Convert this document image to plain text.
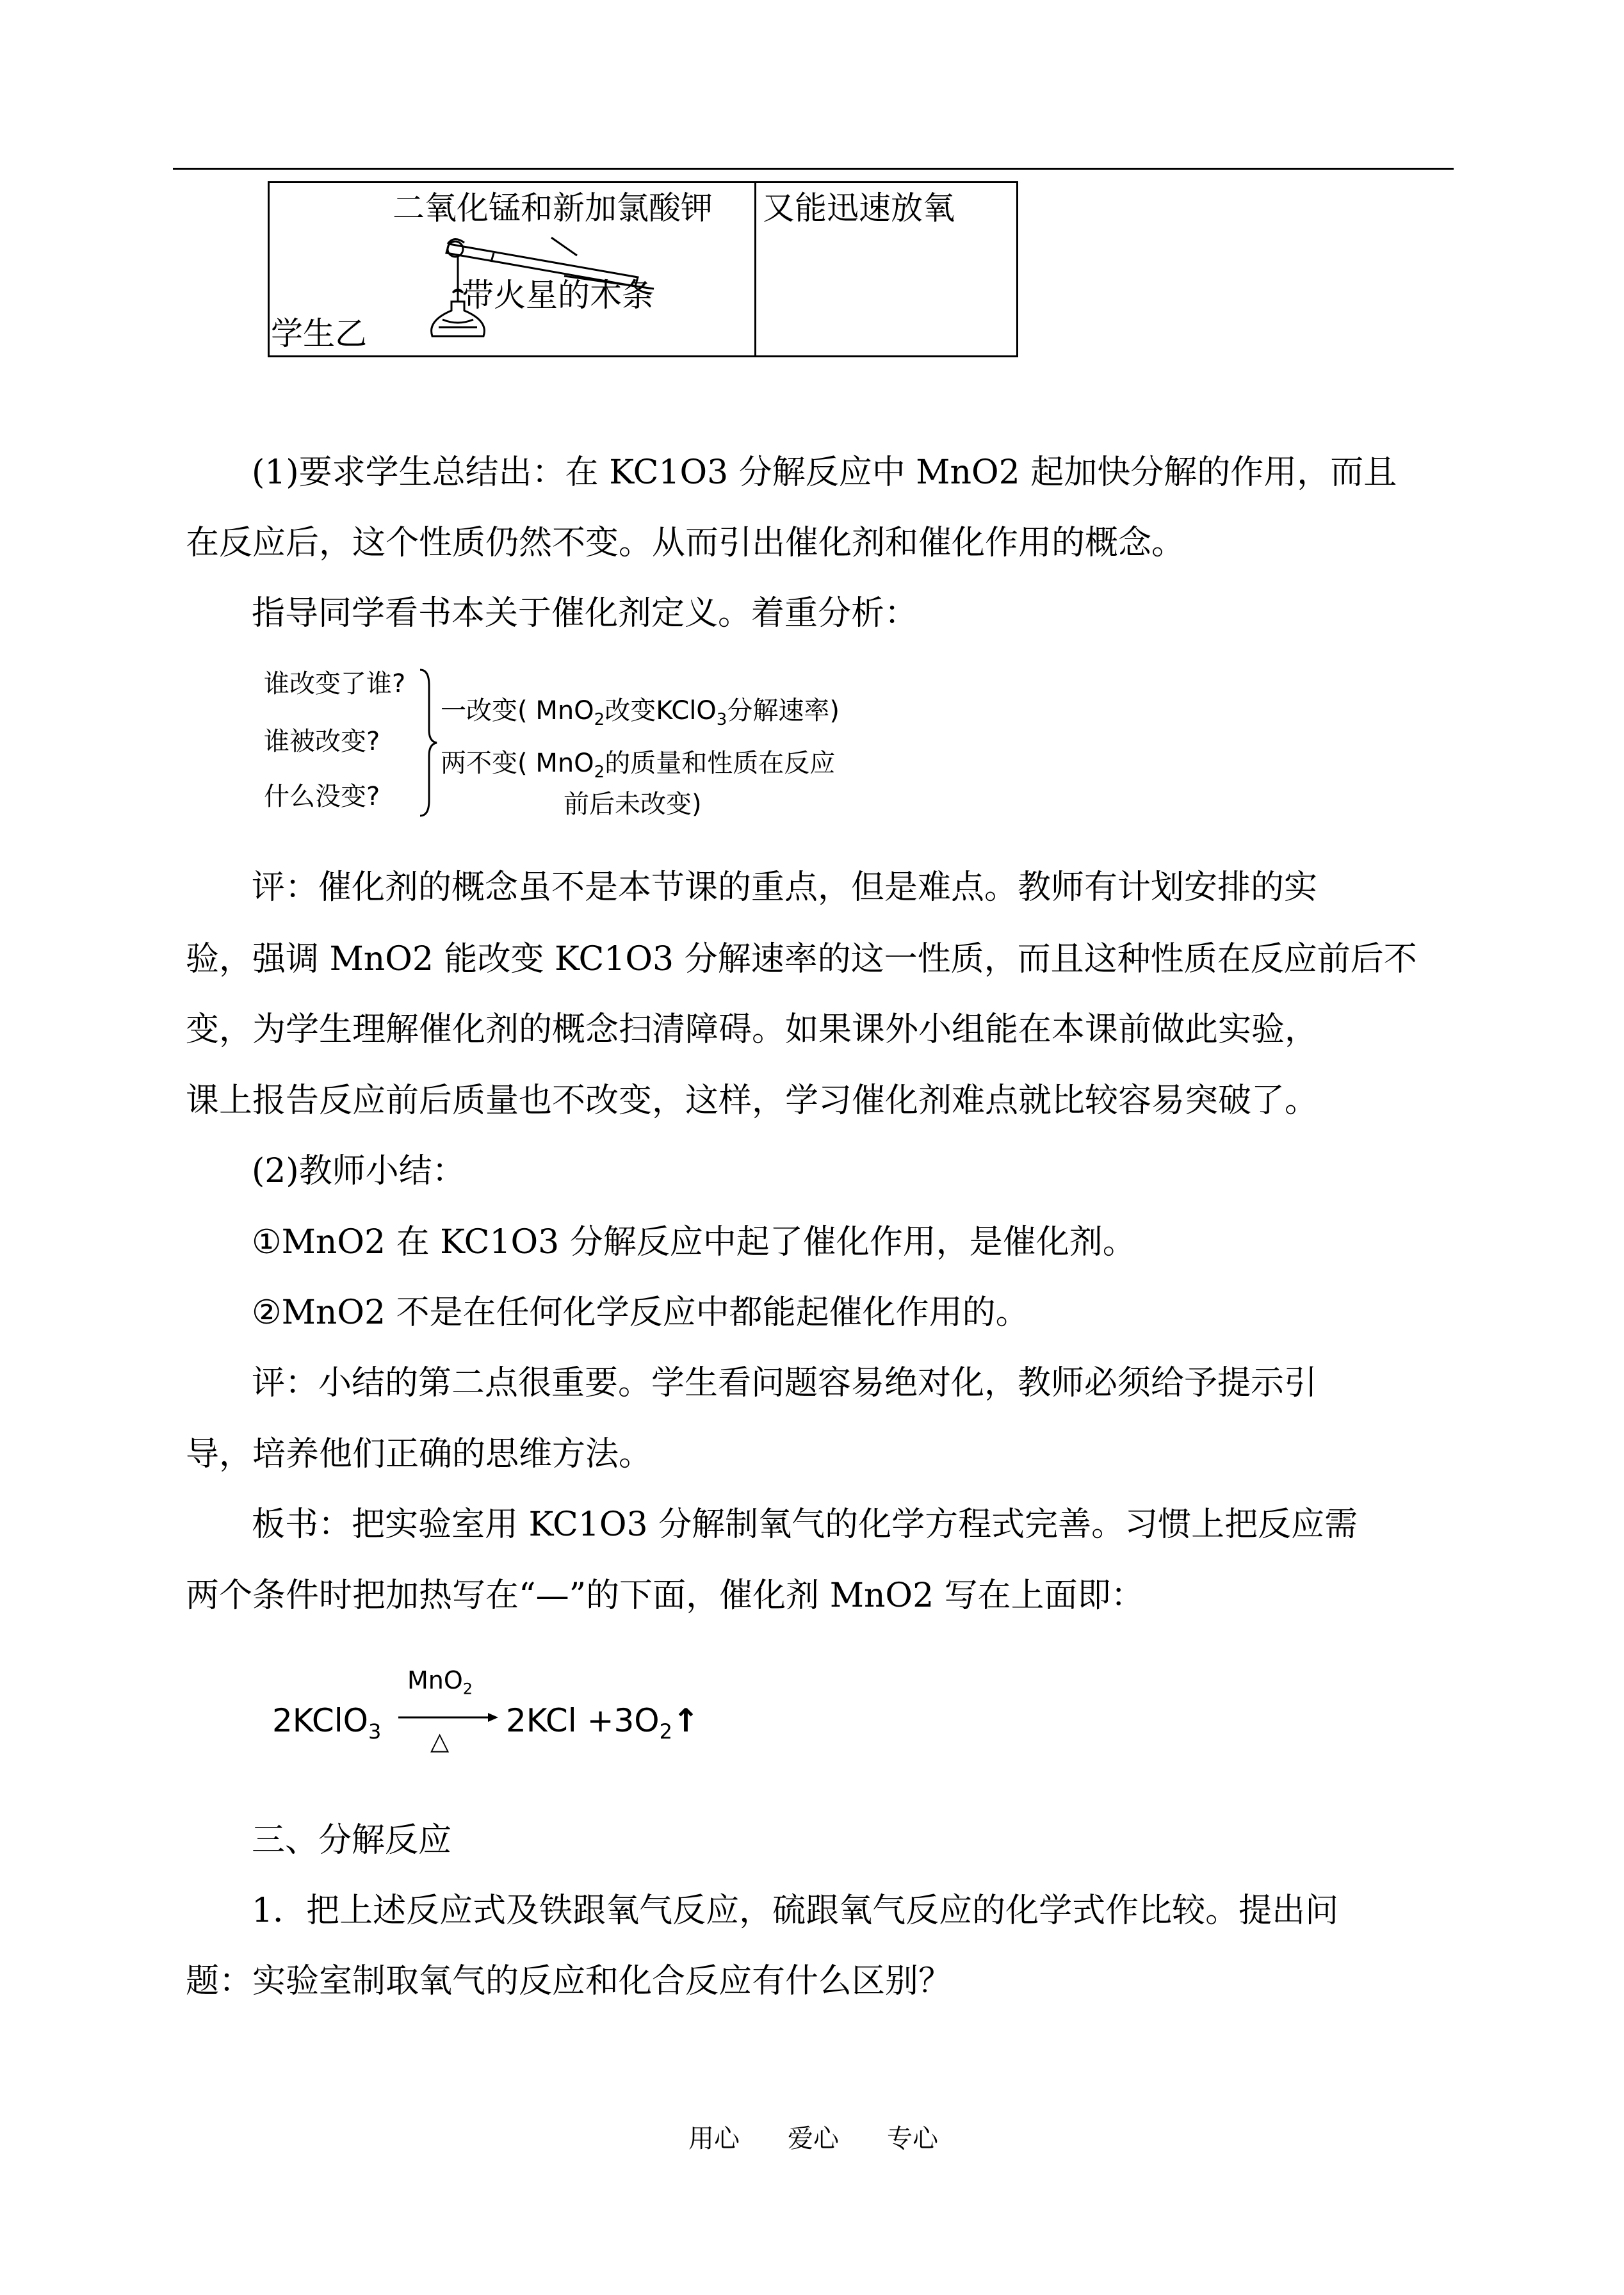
二氧化锰和新加氯酸钾
带火星的木条
学生乙
又能迅速放氧
(1)要求学生总结出：在 KC1O3 分解反应中 MnO2 起加快分解的作用，而且
在反应后，这个性质仍然不变。从而引出催化剂和催化作用的概念。
指导同学看书本关于催化剂定义。着重分析：
谁改变了谁?
谁被改变?
什么没变?
一改变( MnO$_2$改变KClO$_3$分解速率)
两不变( MnO$_2$的质量和性质在反应
前后未改变)
评：催化剂的概念虽不是本节课的重点，但是难点。教师有计划安排的实
验，强调 MnO2 能改变 KC1O3 分解速率的这一性质，而且这种性质在反应前后不
变，为学生理解催化剂的概念扫清障碍。如果课外小组能在本课前做此实验，
课上报告反应前后质量也不改变，这样，学习催化剂难点就比较容易突破了。
(2)教师小结：
①MnO2 在 KC1O3 分解反应中起了催化作用，是催化剂。
②MnO2 不是在任何化学反应中都能起催化作用的。
评：小结的第二点很重要。学生看问题容易绝对化，教师必须给予提示引
导，培养他们正确的思维方法。
板书：把实验室用 KC1O3 分解制氧气的化学方程式完善。习惯上把反应需
两个条件时把加热写在“—”的下面，催化剂 MnO2 写在上面即：
2KClO$_3$
MnO$_2$
△
$2KCl +3O_2↑$
三、分解反应
1．把上述反应式及铁跟氧气反应，硫跟氧气反应的化学式作比较。提出问
题：实验室制取氧气的反应和化合反应有什么区别？
用心 爱心 专心
